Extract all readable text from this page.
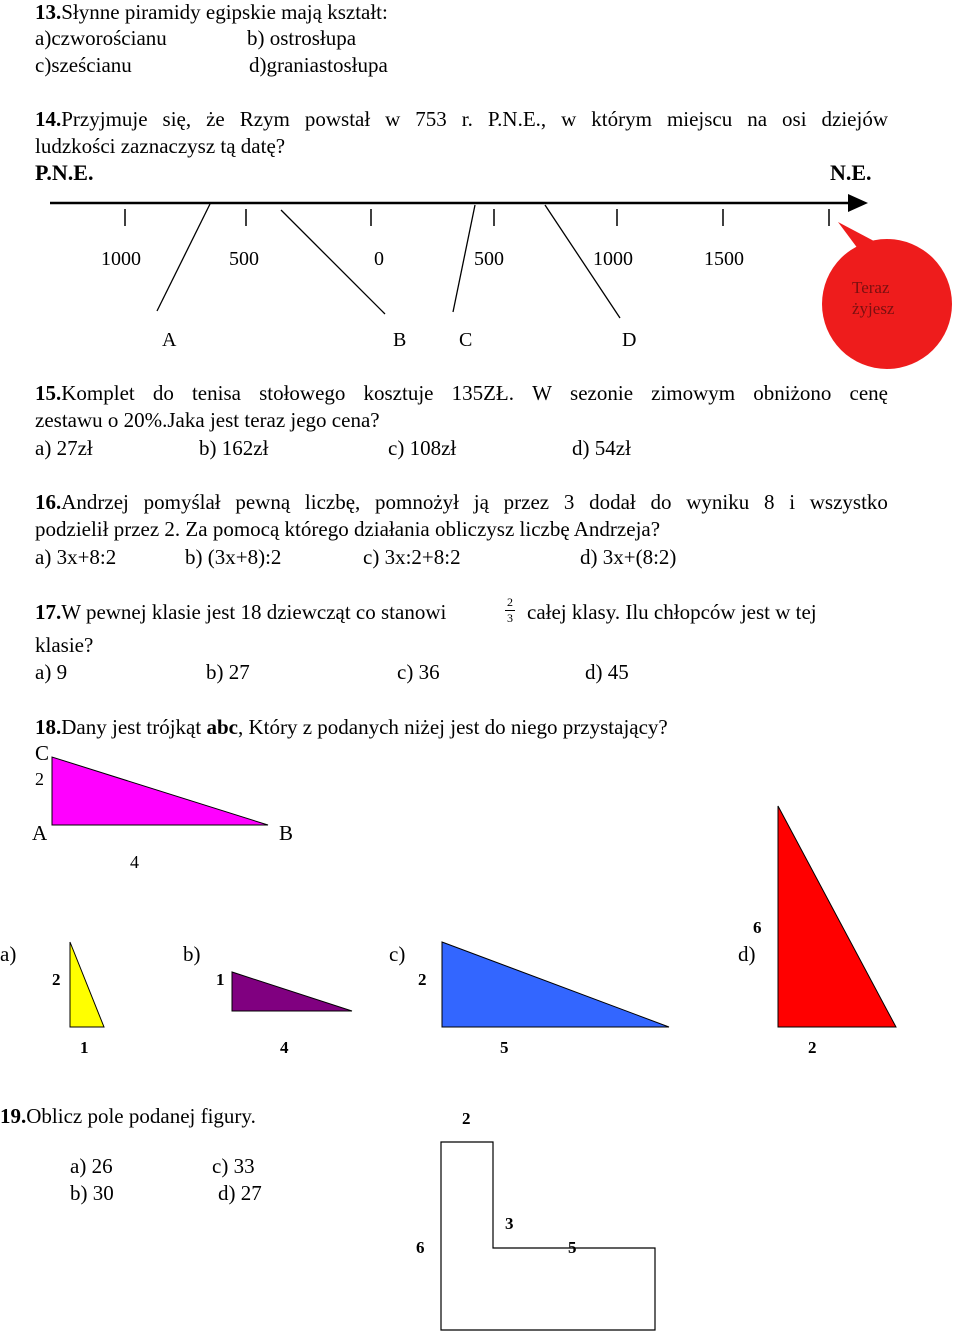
13.Słynne piramidy egipskie mają kształt:
a)czworościanu	b) ostrosłupa
c)sześcianu	d)graniastosłupa
14.Przyjmuje się, że Rzym powstał w 753 r. P.N.E., w którym miejscu na osi dziejów
ludzkości zaznaczysz tą datę?
P.N.E.	N.E.
1000	500	0	500	1000	1500
A	B	C	D
Teraz
żyjesz
15.Komplet do tenisa stołowego kosztuje 135ZŁ. W sezonie zimowym obniżono cenę
zestawu o 20%.Jaka jest teraz jego cena?
a) 27zł	b) 162zł	c) 108zł	d) 54zł
16.Andrzej pomyślał pewną liczbę, pomnożył ją przez 3 dodał do wyniku 8 i wszystko
podzielił przez 2. Za pomocą którego działania obliczysz liczbę Andrzeja?
a) 3x+8:2	b) (3x+8):2	c) 3x:2+8:2	d) 3x+(8:2)
17.W pewnej klasie jest 18 dziewcząt co stanowi	2
3 całej klasy. Ilu chłopców jest w tej
klasie?
a) 9	b) 27	c) 36	d) 45
18.Dany jest trójkąt abc, Który z podanych niżej jest do niego przystający?
C
2
A	B
4
a)
2
1
b)
1
4
c)
2
5
d)
6
2
19.Oblicz pole podanej figury.	2
6
3
5
a) 26	c) 33
b) 30	d) 27
